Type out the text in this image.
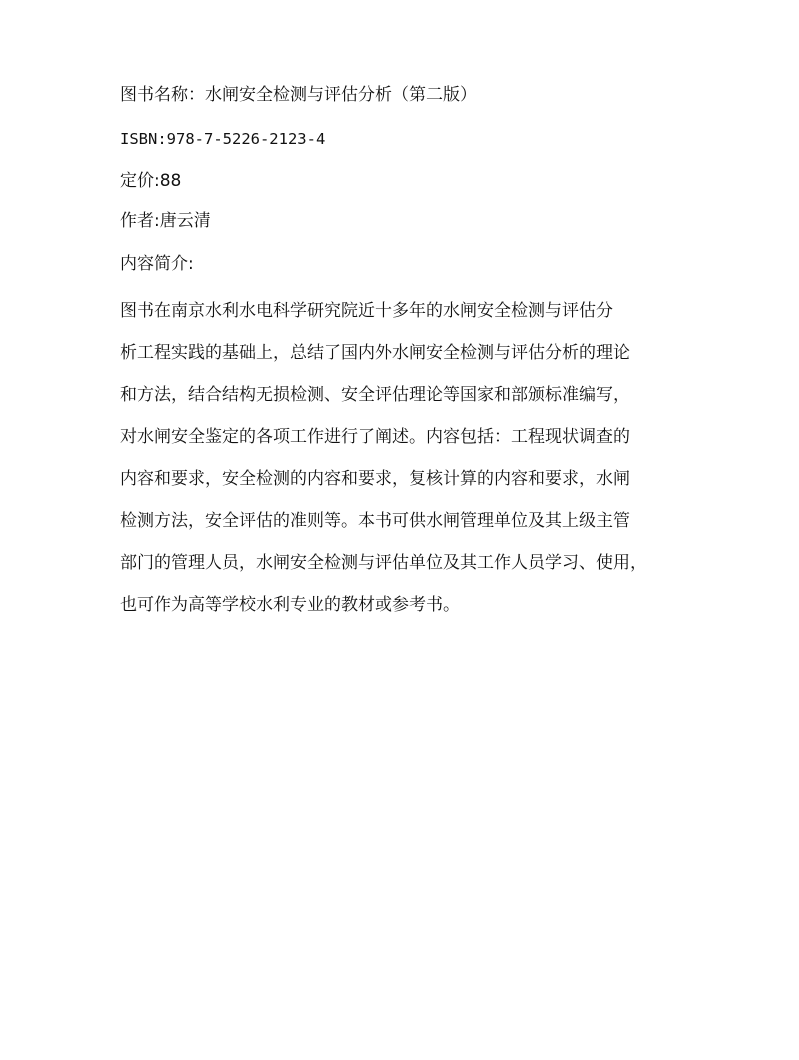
图书名称：水闸安全检测与评估分析（第二版）
ISBN:978-7-5226-2123-4
定价:88
作者:唐云清
内容简介:
图书在南京水利水电科学研究院近十多年的水闸安全检测与评估分
析工程实践的基础上，总结了国内外水闸安全检测与评估分析的理论
和方法，结合结构无损检测、安全评估理论等国家和部颁标准编写，
对水闸安全鉴定的各项工作进行了阐述。内容包括：工程现状调查的
内容和要求，安全检测的内容和要求，复核计算的内容和要求，水闸
检测方法，安全评估的准则等。本书可供水闸管理单位及其上级主管
部门的管理人员，水闸安全检测与评估单位及其工作人员学习、使用，
也可作为高等学校水利专业的教材或参考书。
